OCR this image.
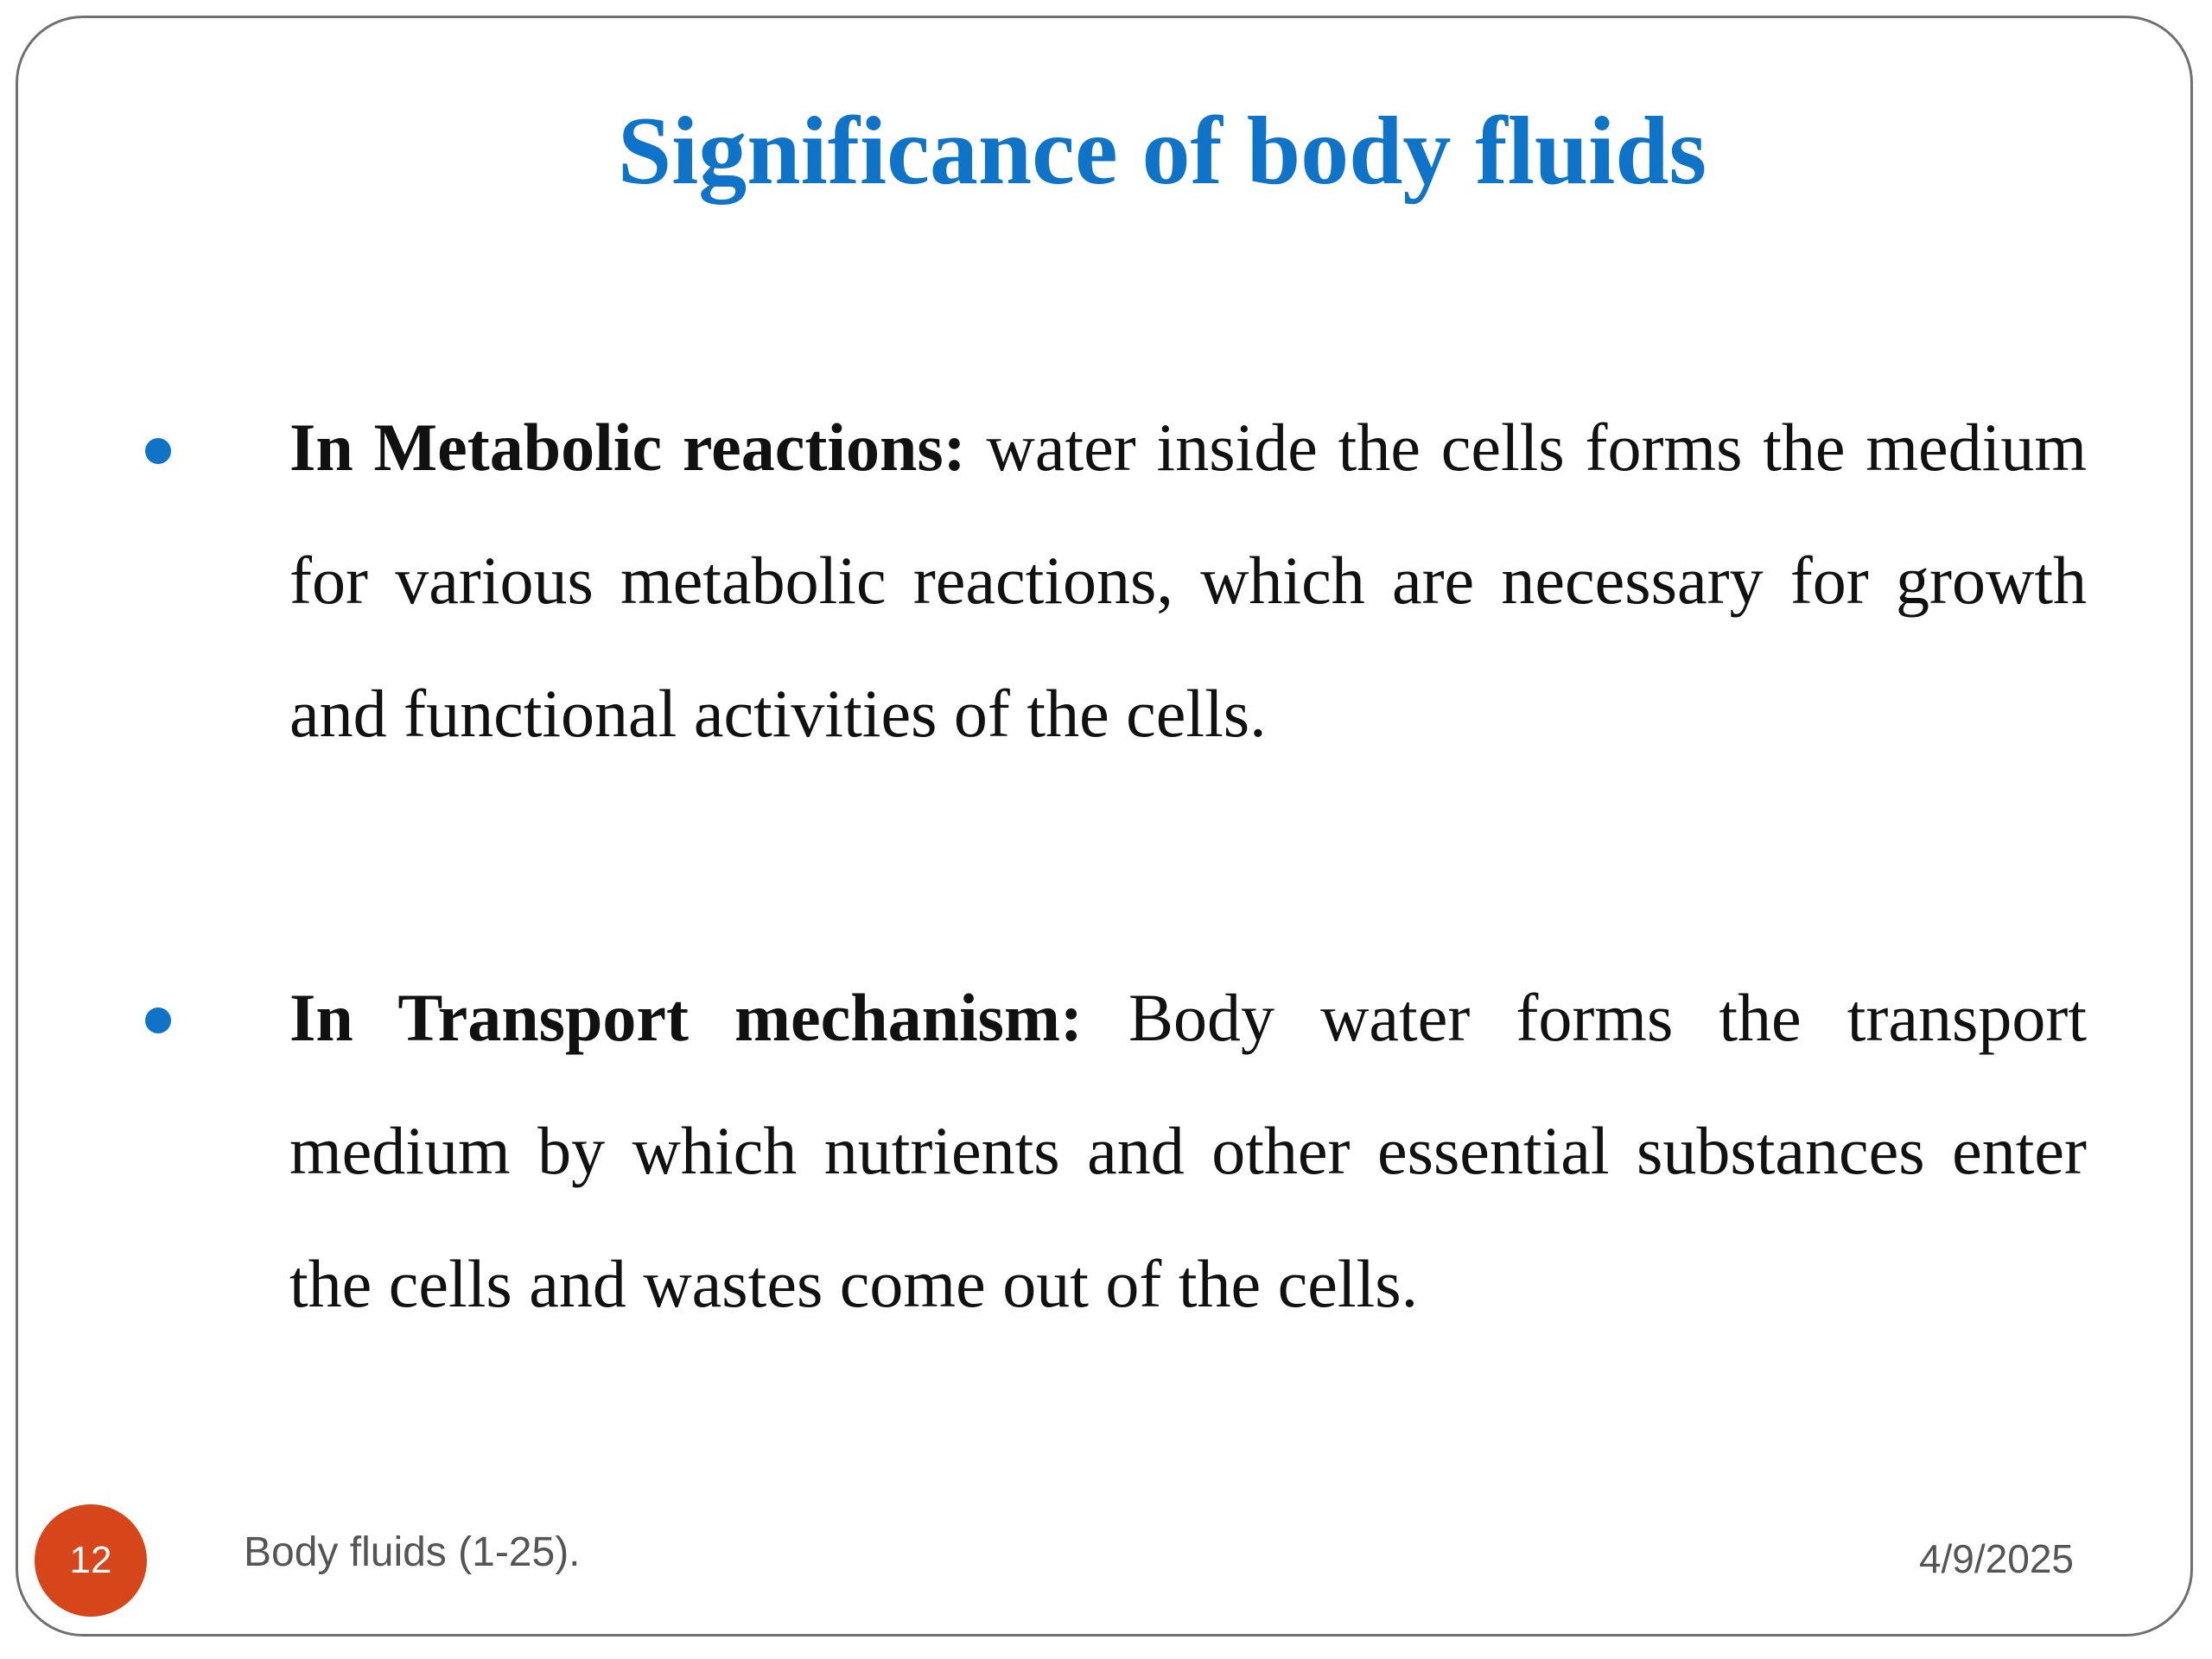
Significance of body fluids
In Metabolic reactions: water inside the cells forms the medium for various metabolic reactions, which are necessary for growth and functional activities of the cells.
In Transport mechanism: Body water forms the transport medium by which nutrients and other essential substances enter the cells and wastes come out of the cells.
12	Body fluids (1-25).	4/9/2025
